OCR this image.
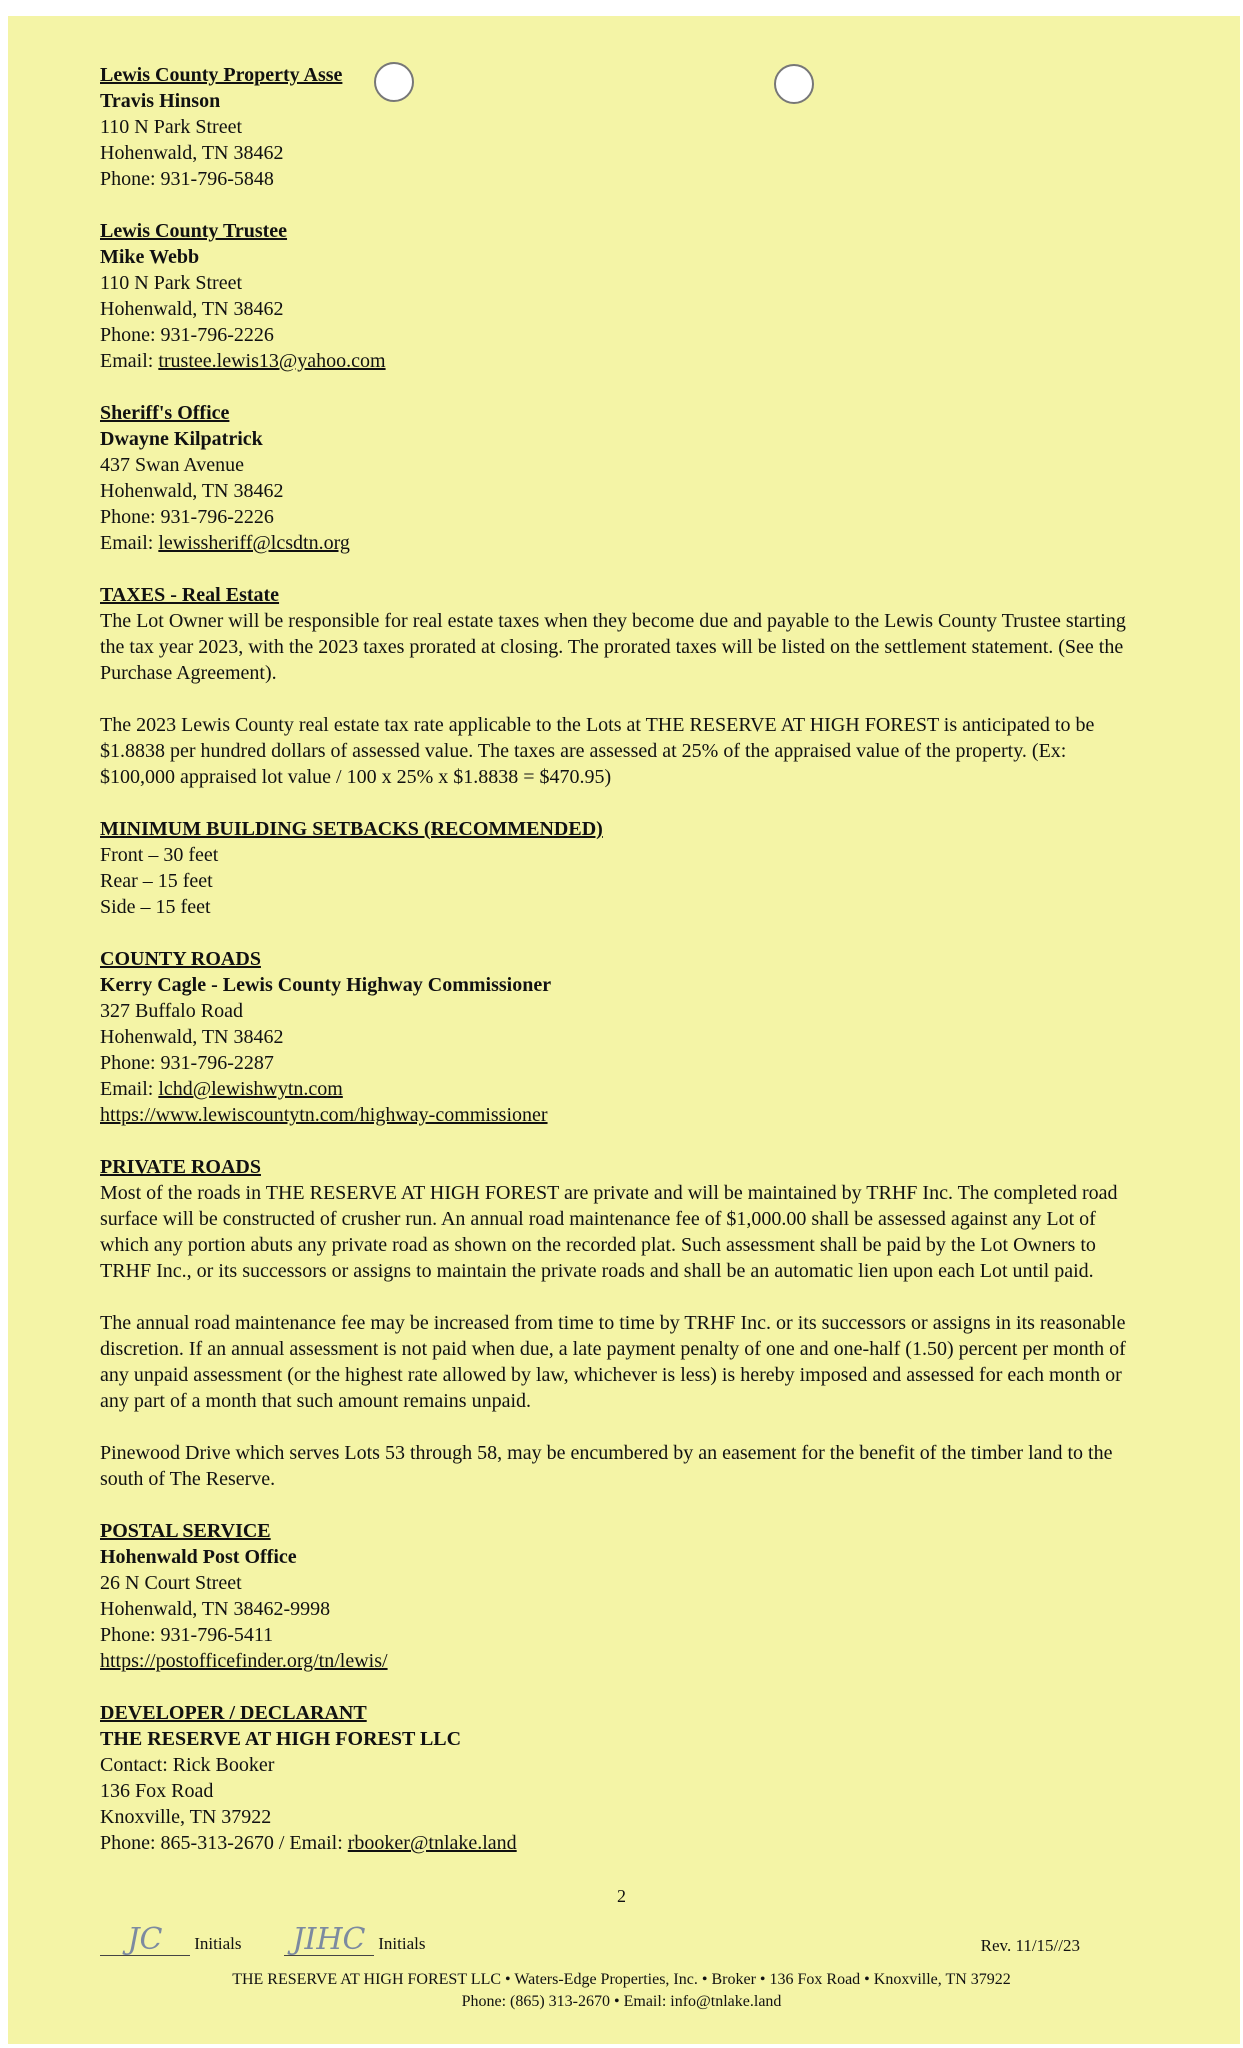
Lewis County Property Asse
Travis Hinson
110 N Park Street
Hohenwald, TN 38462
Phone: 931-796-5848
Lewis County Trustee
Mike Webb
110 N Park Street
Hohenwald, TN 38462
Phone: 931-796-2226
Email: trustee.lewis13@yahoo.com
Sheriff's Office
Dwayne Kilpatrick
437 Swan Avenue
Hohenwald, TN 38462
Phone: 931-796-2226
Email: lewissheriff@lcsdtn.org
TAXES - Real Estate
The Lot Owner will be responsible for real estate taxes when they become due and payable to the Lewis County Trustee starting the tax year 2023, with the 2023 taxes prorated at closing. The prorated taxes will be listed on the settlement statement. (See the Purchase Agreement).
The 2023 Lewis County real estate tax rate applicable to the Lots at THE RESERVE AT HIGH FOREST is anticipated to be $1.8838 per hundred dollars of assessed value. The taxes are assessed at 25% of the appraised value of the property. (Ex: $100,000 appraised lot value / 100 x 25% x $1.8838 = $470.95)
MINIMUM BUILDING SETBACKS (RECOMMENDED)
Front – 30 feet
Rear – 15 feet
Side – 15 feet
COUNTY ROADS
Kerry Cagle - Lewis County Highway Commissioner
327 Buffalo Road
Hohenwald, TN 38462
Phone: 931-796-2287
Email: lchd@lewishwytn.com
https://www.lewiscountytn.com/highway-commissioner
PRIVATE ROADS
Most of the roads in THE RESERVE AT HIGH FOREST are private and will be maintained by TRHF Inc. The completed road surface will be constructed of crusher run. An annual road maintenance fee of $1,000.00 shall be assessed against any Lot of which any portion abuts any private road as shown on the recorded plat. Such assessment shall be paid by the Lot Owners to TRHF Inc., or its successors or assigns to maintain the private roads and shall be an automatic lien upon each Lot until paid.
The annual road maintenance fee may be increased from time to time by TRHF Inc. or its successors or assigns in its reasonable discretion. If an annual assessment is not paid when due, a late payment penalty of one and one-half (1.50) percent per month of any unpaid assessment (or the highest rate allowed by law, whichever is less) is hereby imposed and assessed for each month or any part of a month that such amount remains unpaid.
Pinewood Drive which serves Lots 53 through 58, may be encumbered by an easement for the benefit of the timber land to the south of The Reserve.
POSTAL SERVICE
Hohenwald Post Office
26 N Court Street
Hohenwald, TN 38462-9998
Phone: 931-796-5411
https://postofficefinder.org/tn/lewis/
DEVELOPER / DECLARANT
THE RESERVE AT HIGH FOREST LLC
Contact: Rick Booker
136 Fox Road
Knoxville, TN 37922
Phone: 865-313-2670 / Email: rbooker@tnlake.land
2
JC Initials JIHC Initials	Rev. 11/15//23
THE RESERVE AT HIGH FOREST LLC • Waters-Edge Properties, Inc. • Broker • 136 Fox Road • Knoxville, TN 37922
Phone: (865) 313-2670 • Email: info@tnlake.land
